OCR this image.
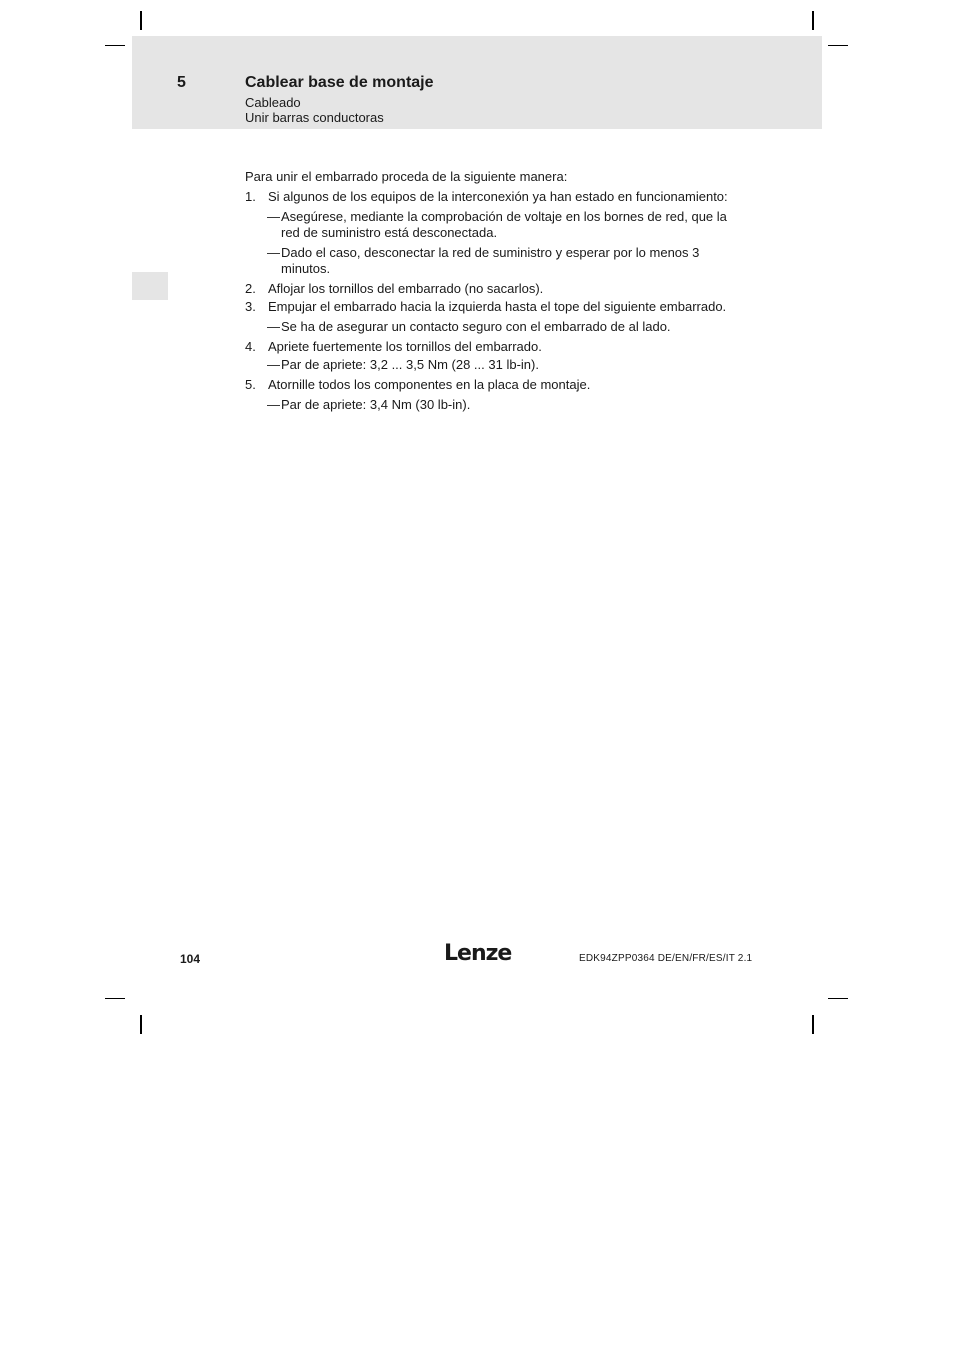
5	Cablear base de montaje
Cableado
Unir barras conductoras

Para unir el embarrado proceda de la siguiente manera:

1. Si algunos de los equipos de la interconexión ya han estado en funcionamiento:
— Asegúrese, mediante la comprobación de voltaje en los bornes de red, que la red de suministro está desconectada.
— Dado el caso, desconectar la red de suministro y esperar por lo menos 3 minutos.
2. Aflojar los tornillos del embarrado (no sacarlos).
3. Empujar el embarrado hacia la izquierda hasta el tope del siguiente embarrado.
— Se ha de asegurar un contacto seguro con el embarrado de al lado.
4. Apriete fuertemente los tornillos del embarrado.
— Par de apriete: 3,2 ... 3,5 Nm (28 ... 31 lb-in).
5. Atornille todos los componentes en la placa de montaje.
— Par de apriete: 3,4 Nm (30 lb-in).
104	Lenze	EDK94ZPP0364 DE/EN/FR/ES/IT 2.1
